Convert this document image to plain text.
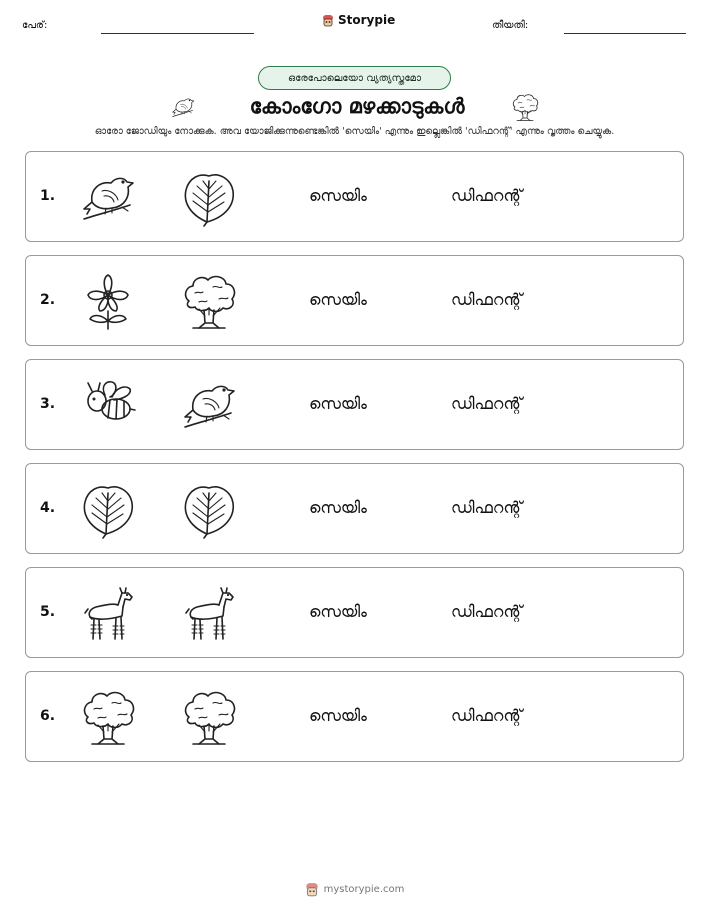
പേര്:	Storypie	തീയതി:
ഒരേപോലെയോ വ്യത്യസ്തമോ
കോംഗോ മഴക്കാടുകൾ
ഓരോ ജോഡിയും നോക്കുക. അവ യോജിക്കുന്നുണ്ടെങ്കിൽ 'സെയിം' എന്നും ഇല്ലെങ്കിൽ 'ഡിഫറന്റ്' എന്നും വൃത്തം ചെയ്യുക.
1.	സെയിം	ഡിഫറന്റ്
2.	സെയിം	ഡിഫറന്റ്
3.	സെയിം	ഡിഫറന്റ്
4.	സെയിം	ഡിഫറന്റ്
5.	സെയിം	ഡിഫറന്റ്
6.	സെയിം	ഡിഫറന്റ്
mystorypie.com
